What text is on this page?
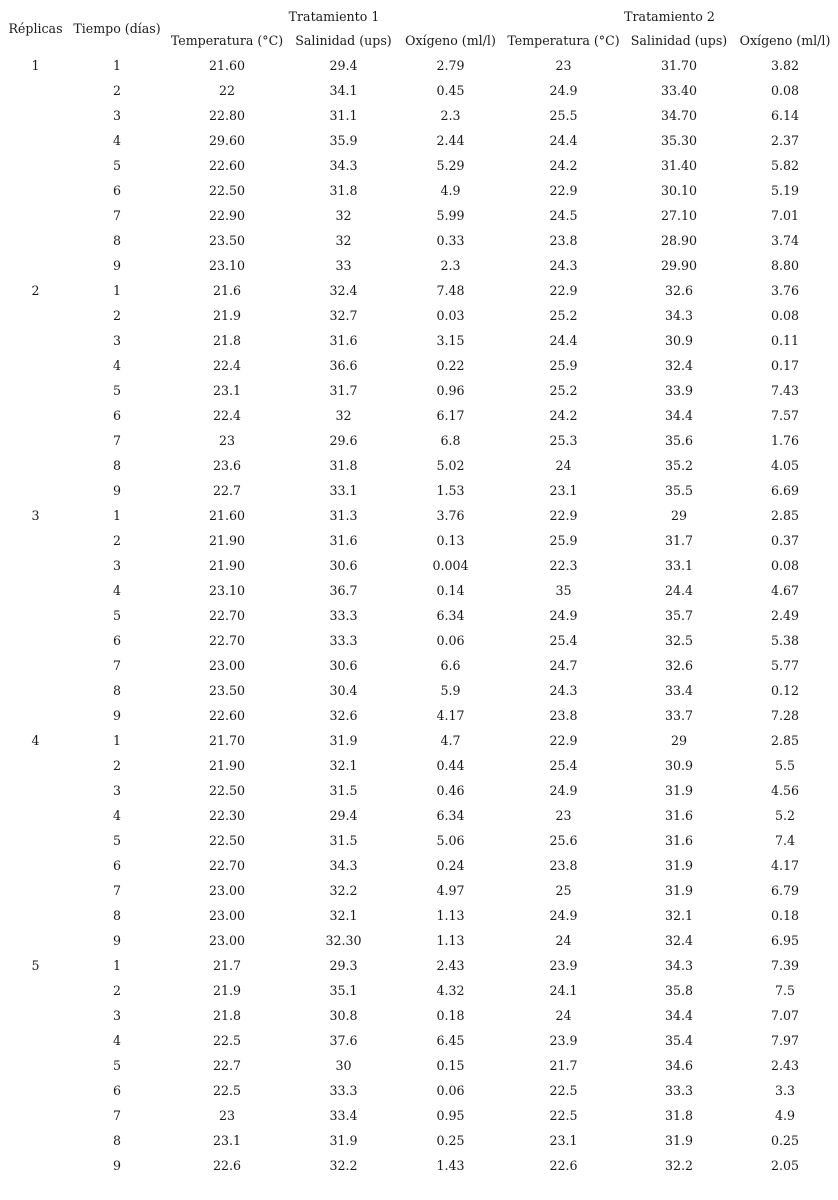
Réplicas	Tiempo (días)	Tratamiento 1			Tratamiento 2		
		Temperatura (°C)	Salinidad (ups)	Oxígeno (ml/l)	Temperatura (°C)	Salinidad (ups)	Oxígeno (ml/l)
1	1	21.60	29.4	2.79	23	31.70	3.82
	2	22	34.1	0.45	24.9	33.40	0.08
	3	22.80	31.1	2.3	25.5	34.70	6.14
	4	29.60	35.9	2.44	24.4	35.30	2.37
	5	22.60	34.3	5.29	24.2	31.40	5.82
	6	22.50	31.8	4.9	22.9	30.10	5.19
	7	22.90	32	5.99	24.5	27.10	7.01
	8	23.50	32	0.33	23.8	28.90	3.74
	9	23.10	33	2.3	24.3	29.90	8.80
2	1	21.6	32.4	7.48	22.9	32.6	3.76
	2	21.9	32.7	0.03	25.2	34.3	0.08
	3	21.8	31.6	3.15	24.4	30.9	0.11
	4	22.4	36.6	0.22	25.9	32.4	0.17
	5	23.1	31.7	0.96	25.2	33.9	7.43
	6	22.4	32	6.17	24.2	34.4	7.57
	7	23	29.6	6.8	25.3	35.6	1.76
	8	23.6	31.8	5.02	24	35.2	4.05
	9	22.7	33.1	1.53	23.1	35.5	6.69
3	1	21.60	31.3	3.76	22.9	29	2.85
	2	21.90	31.6	0.13	25.9	31.7	0.37
	3	21.90	30.6	0.004	22.3	33.1	0.08
	4	23.10	36.7	0.14	35	24.4	4.67
	5	22.70	33.3	6.34	24.9	35.7	2.49
	6	22.70	33.3	0.06	25.4	32.5	5.38
	7	23.00	30.6	6.6	24.7	32.6	5.77
	8	23.50	30.4	5.9	24.3	33.4	0.12
	9	22.60	32.6	4.17	23.8	33.7	7.28
4	1	21.70	31.9	4.7	22.9	29	2.85
	2	21.90	32.1	0.44	25.4	30.9	5.5
	3	22.50	31.5	0.46	24.9	31.9	4.56
	4	22.30	29.4	6.34	23	31.6	5.2
	5	22.50	31.5	5.06	25.6	31.6	7.4
	6	22.70	34.3	0.24	23.8	31.9	4.17
	7	23.00	32.2	4.97	25	31.9	6.79
	8	23.00	32.1	1.13	24.9	32.1	0.18
	9	23.00	32.30	1.13	24	32.4	6.95
5	1	21.7	29.3	2.43	23.9	34.3	7.39
	2	21.9	35.1	4.32	24.1	35.8	7.5
	3	21.8	30.8	0.18	24	34.4	7.07
	4	22.5	37.6	6.45	23.9	35.4	7.97
	5	22.7	30	0.15	21.7	34.6	2.43
	6	22.5	33.3	0.06	22.5	33.3	3.3
	7	23	33.4	0.95	22.5	31.8	4.9
	8	23.1	31.9	0.25	23.1	31.9	0.25
	9	22.6	32.2	1.43	22.6	32.2	2.05
